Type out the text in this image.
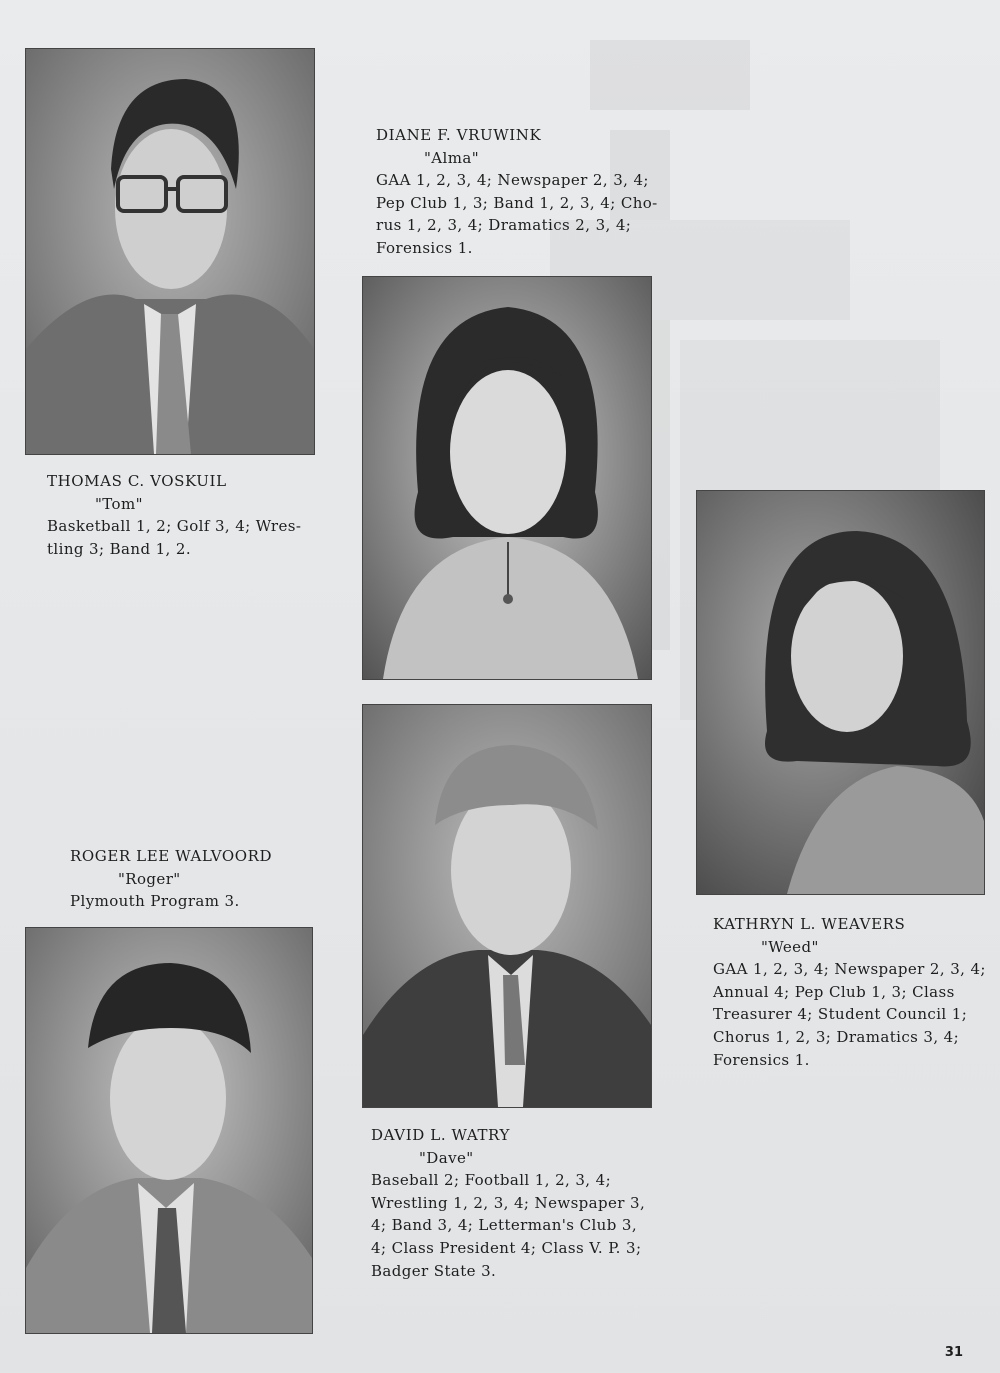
THOMAS C. VOSKUIL
"Tom"
Basketball 1, 2; Golf 3, 4; Wres-
tling 3; Band 1, 2.
DIANE F. VRUWINK
"Alma"
GAA 1, 2, 3, 4; Newspaper 2, 3, 4;
Pep Club 1, 3; Band 1, 2, 3, 4; Cho-
rus 1, 2, 3, 4; Dramatics 2, 3, 4;
Forensics 1.
ROGER LEE WALVOORD
"Roger"
Plymouth Program 3.
KATHRYN L. WEAVERS
"Weed"
GAA 1, 2, 3, 4; Newspaper 2, 3, 4;
Annual 4; Pep Club 1, 3; Class
Treasurer 4; Student Council 1;
Chorus 1, 2, 3; Dramatics 3, 4;
Forensics 1.
DAVID L. WATRY
"Dave"
Baseball 2; Football 1, 2, 3, 4;
Wrestling 1, 2, 3, 4; Newspaper 3,
4; Band 3, 4; Letterman's Club 3,
4; Class President 4; Class V. P. 3;
Badger State 3.
31
